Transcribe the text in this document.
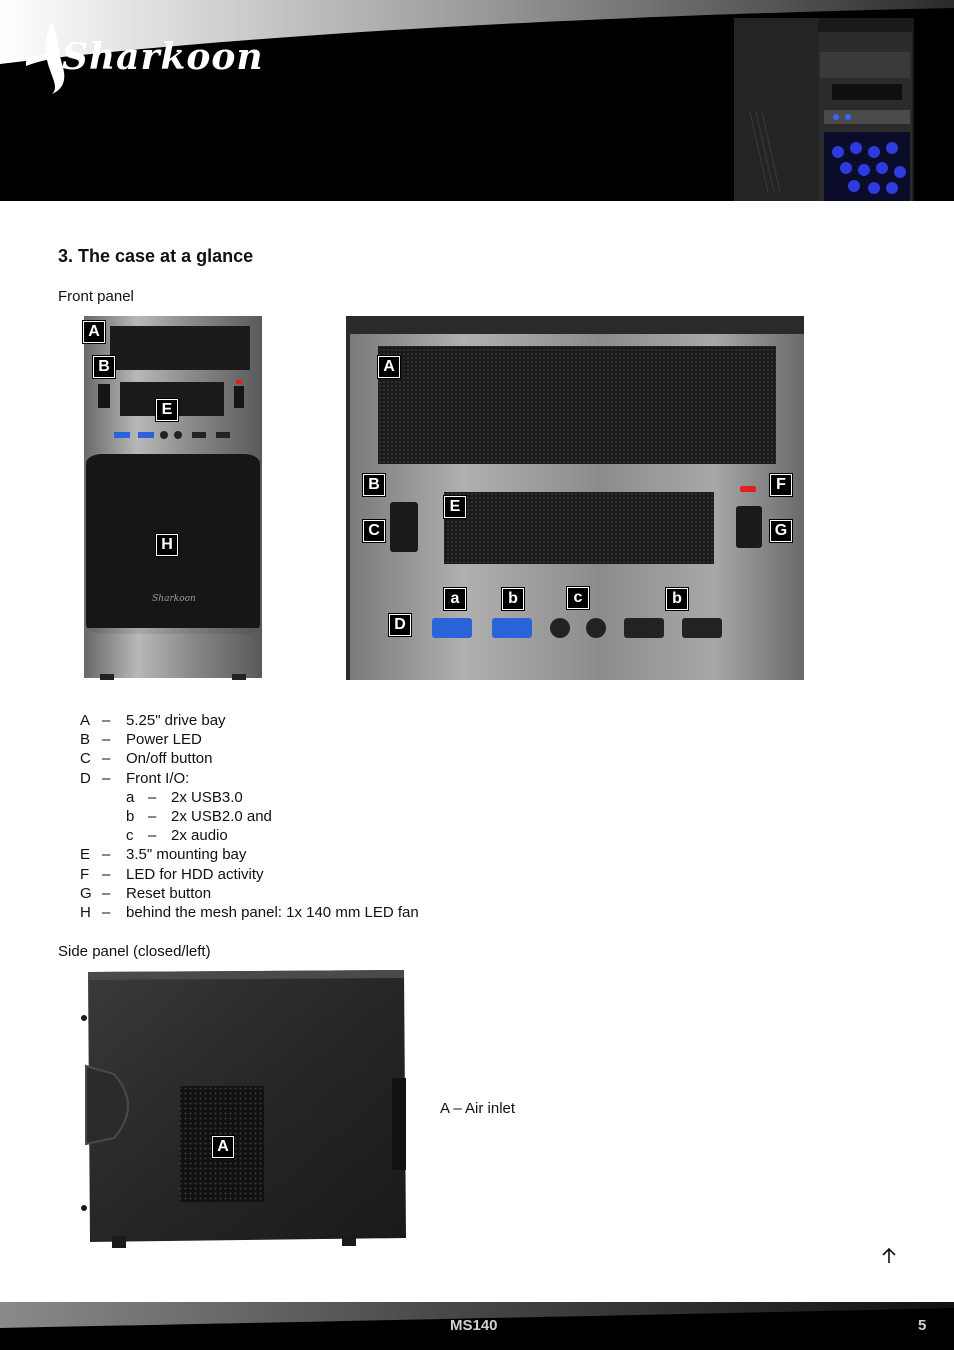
Sharkoon
3. The case at a glance
Front panel
Sharkoon
A
B
E
H
A
B
C
E
F
G
D
a	b	c	b
A – 5.25" drive bay
B – Power LED
C – On/off button
D – Front I/O:
a – 2x USB3.0
b – 2x USB2.0 and
c – 2x audio
E – 3.5" mounting bay
F – LED for HDD activity
G – Reset button
H – behind the mesh panel: 1x 140 mm LED fan
Side panel (closed/left)
A
A – Air inlet
MS140	5
